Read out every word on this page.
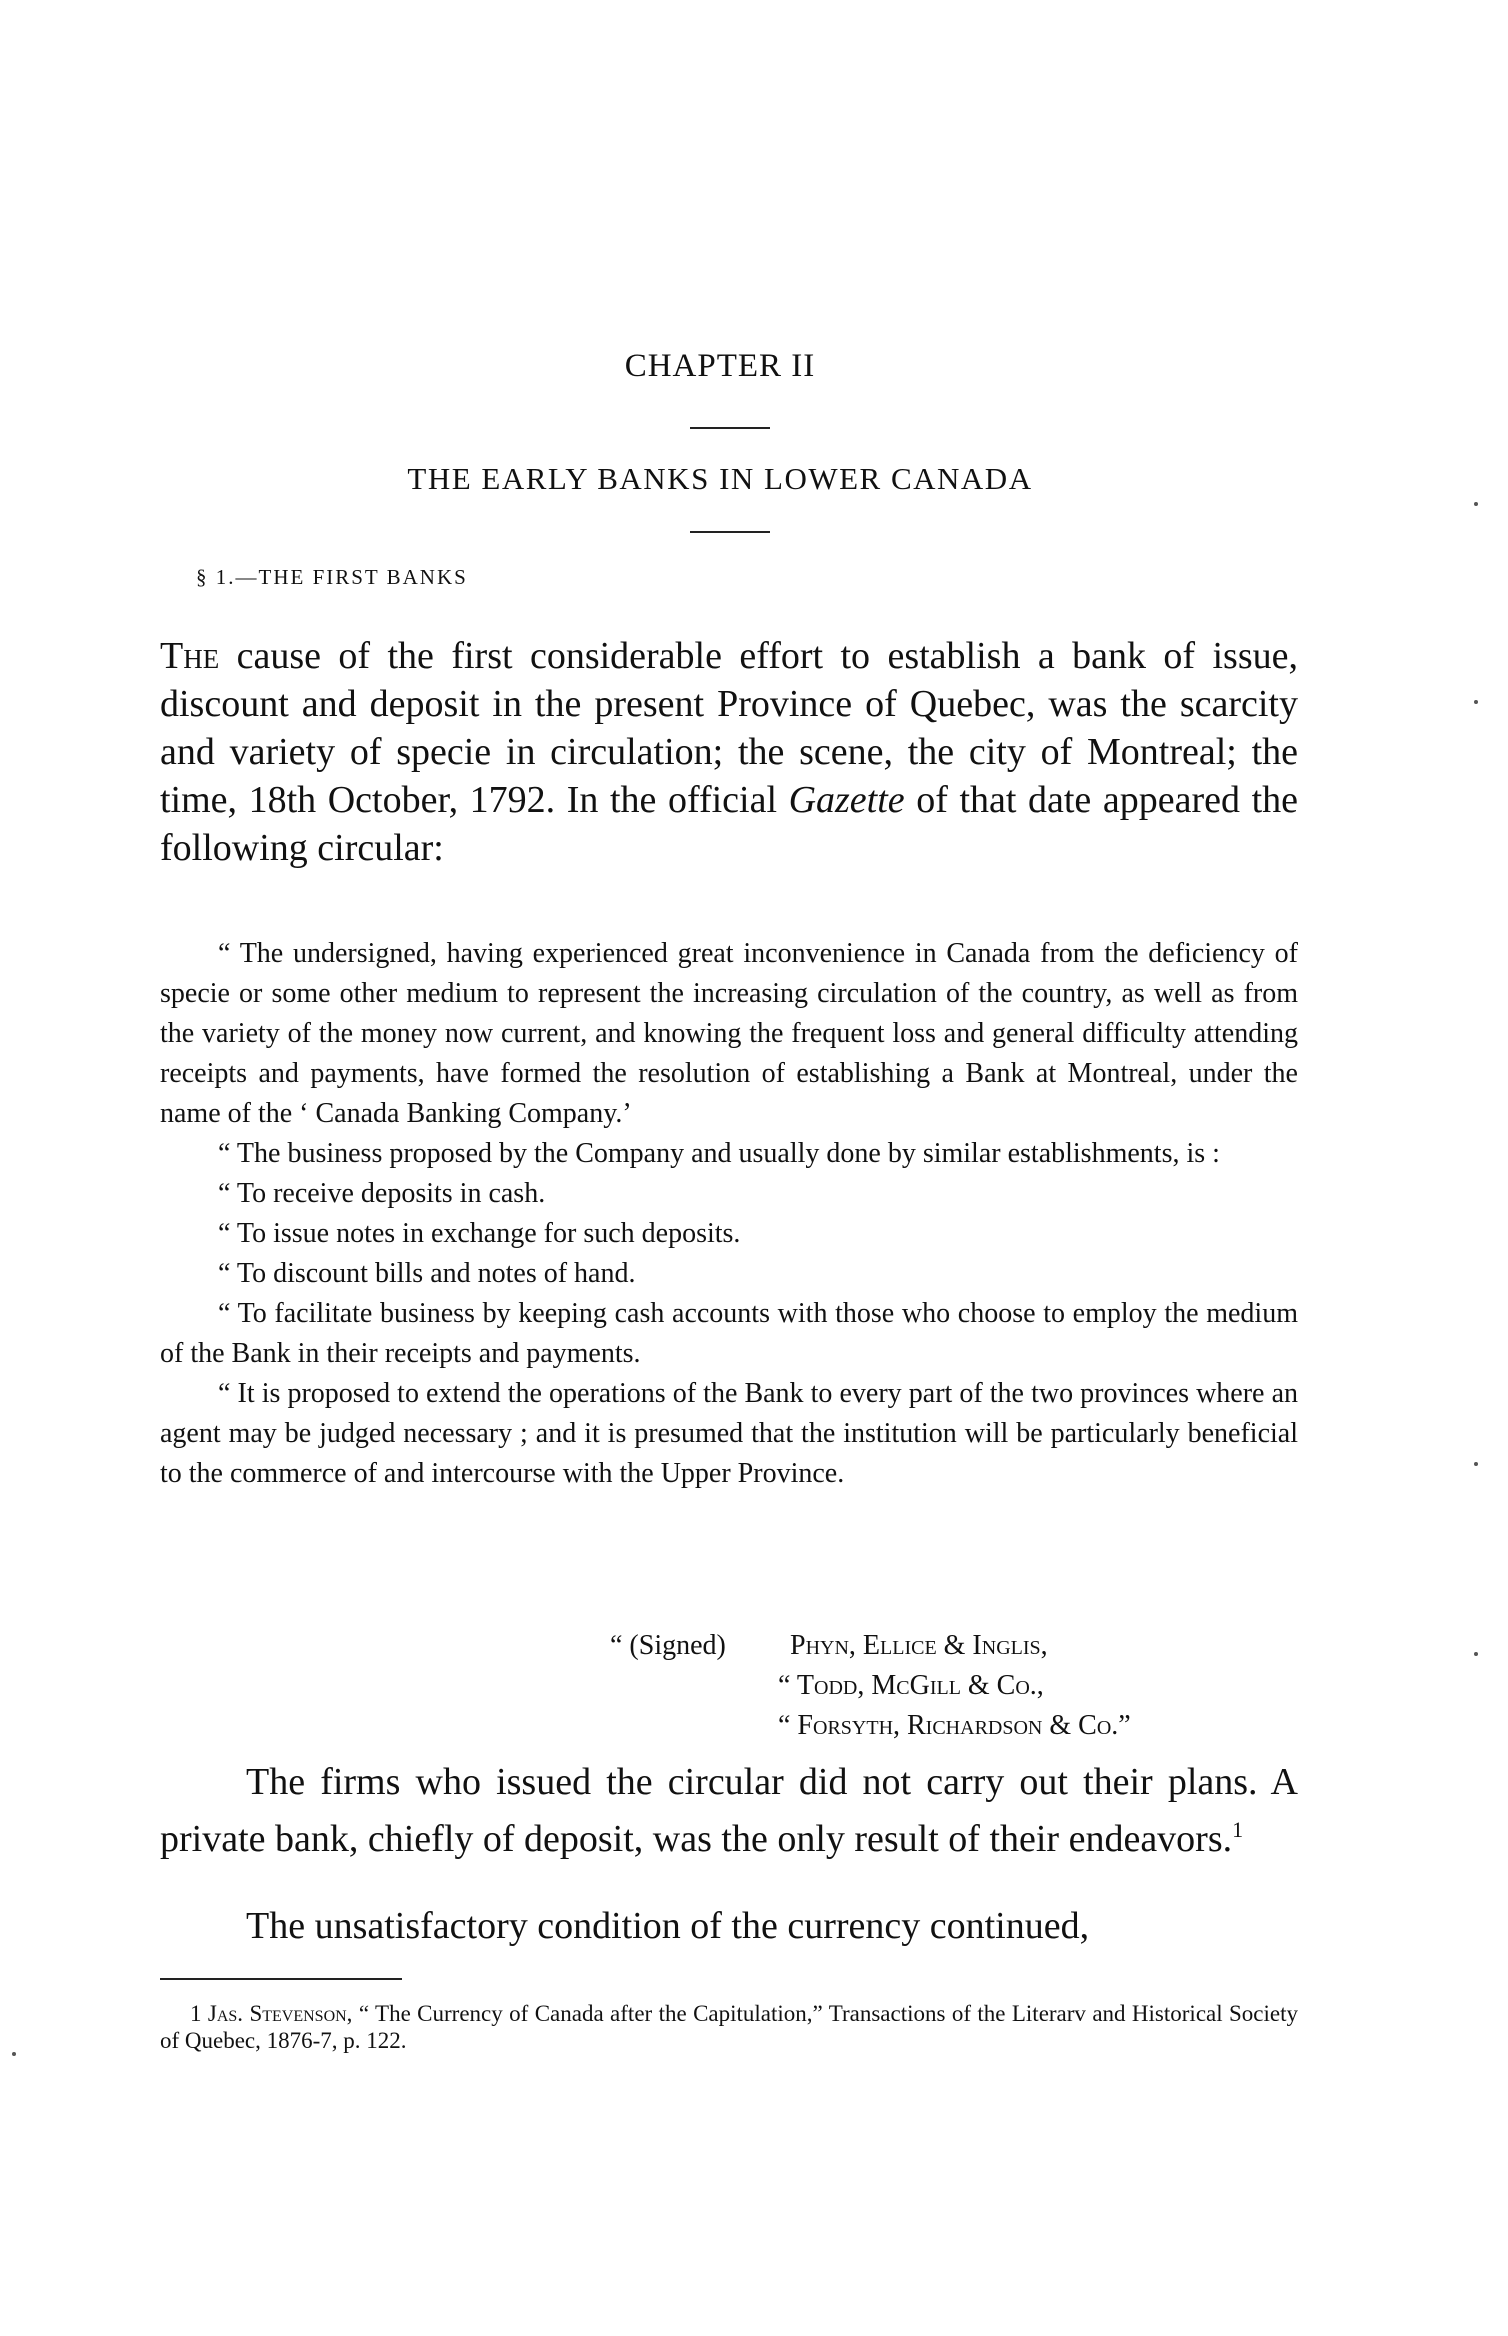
CHAPTER II
THE EARLY BANKS IN LOWER CANADA
§ 1.—THE FIRST BANKS
The cause of the first considerable effort to establish a bank of issue, discount and deposit in the present Province of Quebec, was the scarcity and variety of specie in circulation; the scene, the city of Montreal; the time, 18th October, 1792. In the official Gazette of that date appeared the following circular:

“ The undersigned, having experienced great inconvenience in Canada from the deficiency of specie or some other medium to represent the increasing circulation of the country, as well as from the variety of the money now current, and knowing the frequent loss and general difficulty attending receipts and payments, have formed the resolution of establishing a Bank at Montreal, under the name of the ‘ Canada Banking Company.’

“ The business proposed by the Company and usually done by similar establishments, is :

“ To receive deposits in cash.

“ To issue notes in exchange for such deposits.

“ To discount bills and notes of hand.

“ To facilitate business by keeping cash accounts with those who choose to employ the medium of the Bank in their receipts and payments.

“ It is proposed to extend the operations of the Bank to every part of the two provinces where an agent may be judged necessary ; and it is presumed that the institution will be particularly beneficial to the commerce of and intercourse with the Upper Province.

“ (Signed) Phyn, Ellice & Inglis,
“ Todd, McGill & Co.,
“ Forsyth, Richardson & Co.”
The firms who issued the circular did not carry out their plans. A private bank, chiefly of deposit, was the only result of their endeavors.$^1$
The unsatisfactory condition of the currency continued,
1 Jas. Stevenson, “ The Currency of Canada after the Capitulation,” Transactions of the Literarv and Historical Society of Quebec, 1876-7, p. 122.
